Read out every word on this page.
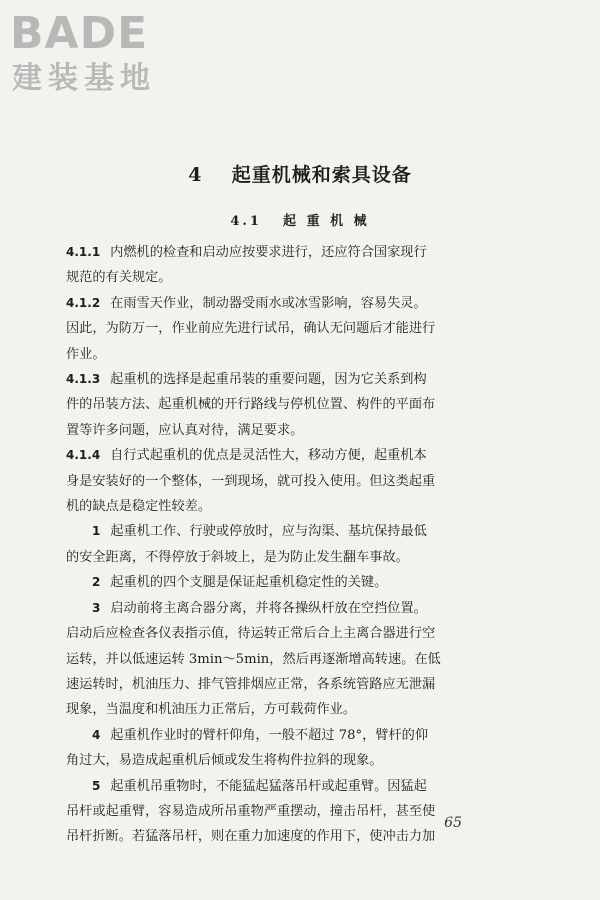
BADE
建装基地
4 起重机械和索具设备
4.1 起 重 机 械

4.1.1 内燃机的检查和启动应按要求进行，还应符合国家现行
规范的有关规定。

4.1.2 在雨雪天作业，制动器受雨水或冰雪影响，容易失灵。
因此，为防万一，作业前应先进行试吊，确认无问题后才能进行
作业。

4.1.3 起重机的选择是起重吊装的重要问题，因为它关系到构
件的吊装方法、起重机械的开行路线与停机位置、构件的平面布
置等许多问题，应认真对待，满足要求。

4.1.4 自行式起重机的优点是灵活性大，移动方便，起重机本
身是安装好的一个整体，一到现场，就可投入使用。但这类起重
机的缺点是稳定性较差。

1 起重机工作、行驶或停放时，应与沟渠、基坑保持最低
的安全距离，不得停放于斜坡上，是为防止发生翻车事故。

2 起重机的四个支腿是保证起重机稳定性的关键。

3 启动前将主离合器分离，并将各操纵杆放在空挡位置。
启动后应检查各仪表指示值，待运转正常后合上主离合器进行空
运转，并以低速运转 3min～5min，然后再逐渐增高转速。在低
速运转时，机油压力、排气管排烟应正常，各系统管路应无泄漏
现象，当温度和机油压力正常后，方可载荷作业。

4 起重机作业时的臂杆仰角，一般不超过 78°，臂杆的仰
角过大，易造成起重机后倾或发生将构件拉斜的现象。

5 起重机吊重物时，不能猛起猛落吊杆或起重臂。因猛起
吊杆或起重臂，容易造成所吊重物严重摆动，撞击吊杆，甚至使
吊杆折断。若猛落吊杆，则在重力加速度的作用下，使冲击力加

65
